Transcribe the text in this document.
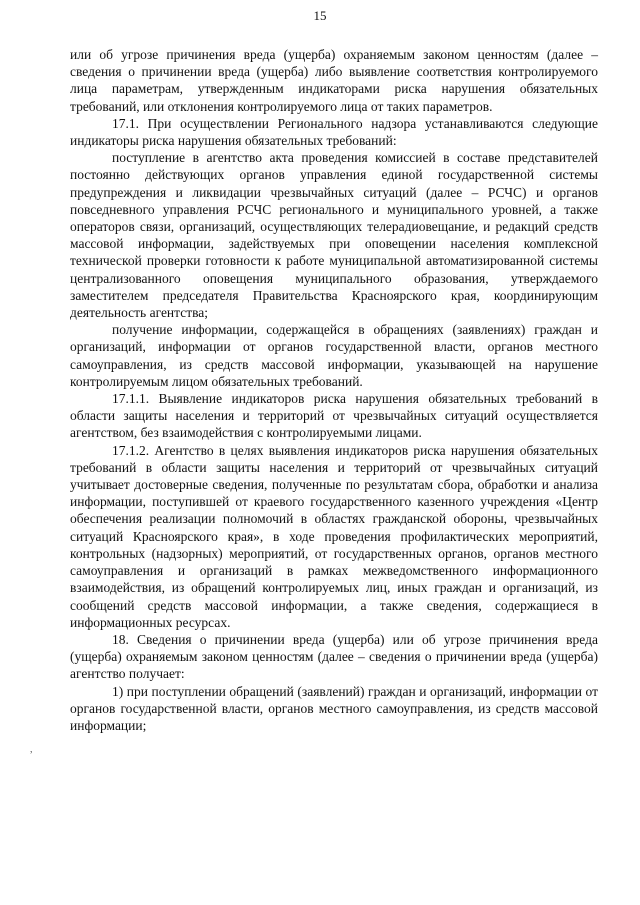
15

или об угрозе причинения вреда (ущерба) охраняемым законом ценностям (далее – сведения о причинении вреда (ущерба) либо выявление соответствия контролируемого лица параметрам, утвержденным индикаторами риска нарушения обязательных требований, или отклонения контролируемого лица от таких параметров.

17.1. При осуществлении Регионального надзора устанавливаются следующие индикаторы риска нарушения обязательных требований:

поступление в агентство акта проведения комиссией в составе представителей постоянно действующих органов управления единой государственной системы предупреждения и ликвидации чрезвычайных ситуаций (далее – РСЧС) и органов повседневного управления РСЧС регионального и муниципального уровней, а также операторов связи, организаций, осуществляющих телерадиовещание, и редакций средств массовой информации, задействуемых при оповещении населения комплексной технической проверки готовности к работе муниципальной автоматизированной системы централизованного оповещения муниципального образования, утверждаемого заместителем председателя Правительства Красноярского края, координирующим деятельность агентства;

получение информации, содержащейся в обращениях (заявлениях) граждан и организаций, информации от органов государственной власти, органов местного самоуправления, из средств массовой информации, указывающей на нарушение контролируемым лицом обязательных требований.

17.1.1. Выявление индикаторов риска нарушения обязательных требований в области защиты населения и территорий от чрезвычайных ситуаций осуществляется агентством, без взаимодействия с контролируемыми лицами.

17.1.2. Агентство в целях выявления индикаторов риска нарушения обязательных требований в области защиты населения и территорий от чрезвычайных ситуаций учитывает достоверные сведения, полученные по результатам сбора, обработки и анализа информации, поступившей от краевого государственного казенного учреждения «Центр обеспечения реализации полномочий в областях гражданской обороны, чрезвычайных ситуаций Красноярского края», в ходе проведения профилактических мероприятий, контрольных (надзорных) мероприятий, от государственных органов, органов местного самоуправления и организаций в рамках межведомственного информационного взаимодействия, из обращений контролируемых лиц, иных граждан и организаций, из сообщений средств массовой информации, а также сведения, содержащиеся в информационных ресурсах.

18. Сведения о причинении вреда (ущерба) или об угрозе причинения вреда (ущерба) охраняемым законом ценностям (далее – сведения о причинении вреда (ущерба) агентство получает:

1) при поступлении обращений (заявлений) граждан и организаций, информации от органов государственной власти, органов местного самоуправления, из средств массовой информации;

,
